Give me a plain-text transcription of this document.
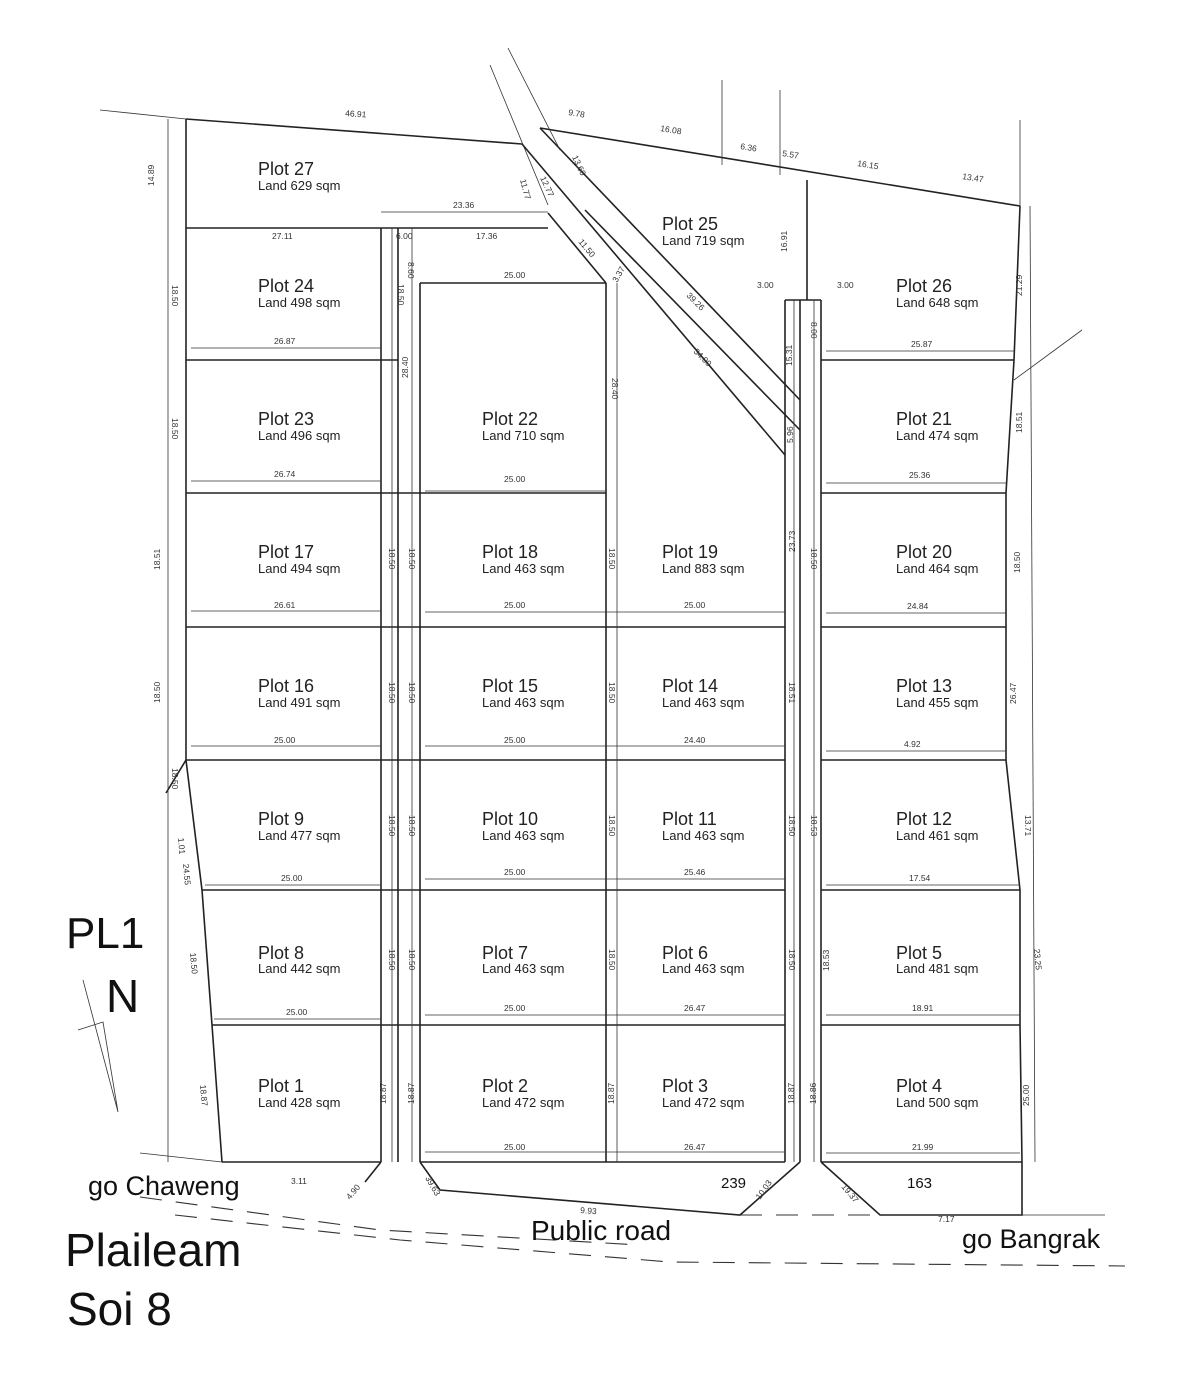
Plot 27
Land 629 sqm
Plot 24
Land 498 sqm
Plot 23
Land 496 sqm
Plot 22
Land 710 sqm
Plot 25
Land 719 sqm
Plot 26
Land 648 sqm
Plot 21
Land 474 sqm
Plot 17
Land 494 sqm
Plot 18
Land 463 sqm
Plot 19
Land 883 sqm
Plot 20
Land 464 sqm
Plot 16
Land 491 sqm
Plot 15
Land 463 sqm
Plot 14
Land 463 sqm
Plot 13
Land 455 sqm
Plot 9
Land 477 sqm
Plot 10
Land 463 sqm
Plot 11
Land 463 sqm
Plot 12
Land 461 sqm
Plot 8
Land 442 sqm
Plot 7
Land 463 sqm
Plot 6
Land 463 sqm
Plot 5
Land 481 sqm
Plot 1
Land 428 sqm
Plot 2
Land 472 sqm
Plot 3
Land 472 sqm
Plot 4
Land 500 sqm
46.91	9.78
16.08
6.36
5.57
16.15
13.47
13.60
12.77
11.77
11.50
23.36
27.11	6.00	17.36
8.60
18.50
25.00	3.37
39.26
34.09
16.91
3.00	3.00	21.29
8.00
26.87	25.87
15.31
5.96
14.89
18.50
28.40
28.40
18.50	18.51
26.74	25.00	25.36
18.51	18.50 18.50	18.50
23.73
18.50
26.61	25.00	25.00	24.84
18.50
18.50	18.50 18.50	18.50	18.51	26.47
25.00	25.00	24.40	4.92
18.50
18.50 18.50	18.50	18.50 18.53	13.71
1.01
24.55	25.00
25.00	25.46
17.54
18.50	18.50 18.50	18.50	18.50	18.53	23.25
25.00	25.00	26.47	18.91
18.87	18.87 18.87	18.87	18.87 18.86	25.00
25.00	26.47	21.99
3.11
4.90	39.63
9.93
10.03	19.37
7.17
PL1
N
go Chaweng
Public road	go Bangrak
239	163
Plaileam
Soi 8
